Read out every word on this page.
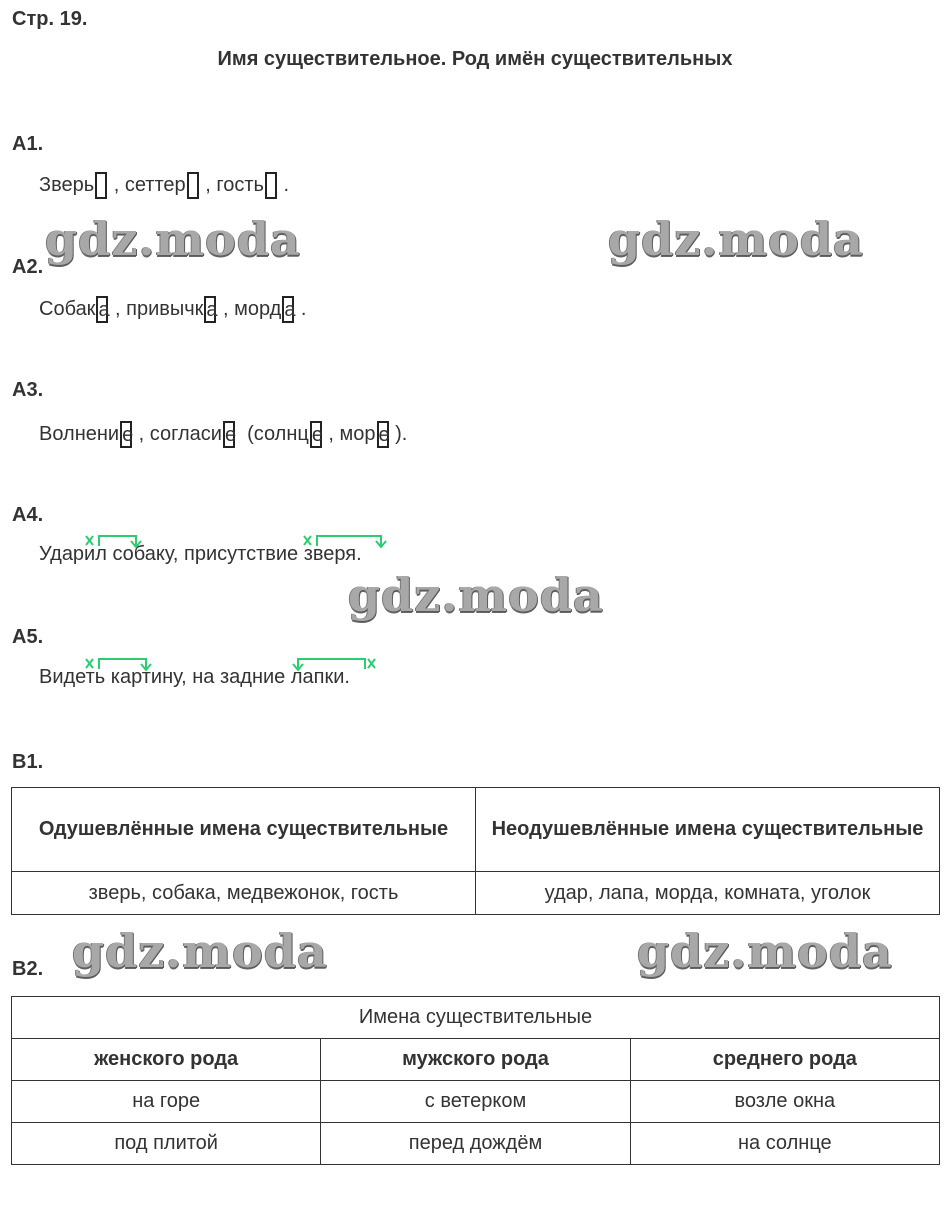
Стр. 19.
Имя существительное. Род имён существительных
А1.
Зверь , сеттер , гость .
А2.
Собак а , привычк а , морд а .
А3.
Волнени е , согласи е (солнц е , мор е ).
А4.
Ударил собаку, присутствие зверя.
А5.
Видеть картину, на задние лапки.
В1.
Одушевлённые имена существительные	Неодушевлённые имена существительные
зверь, собака, медвежонок, гость	удар, лапа, морда, комната, уголок
В2.
Имена существительные		
женского рода	мужского рода	среднего рода
на горе	с ветерком	возле окна
под плитой	перед дождём	на солнце
gdz.moda	gdz.moda
gdz.moda
gdz.moda	gdz.moda
